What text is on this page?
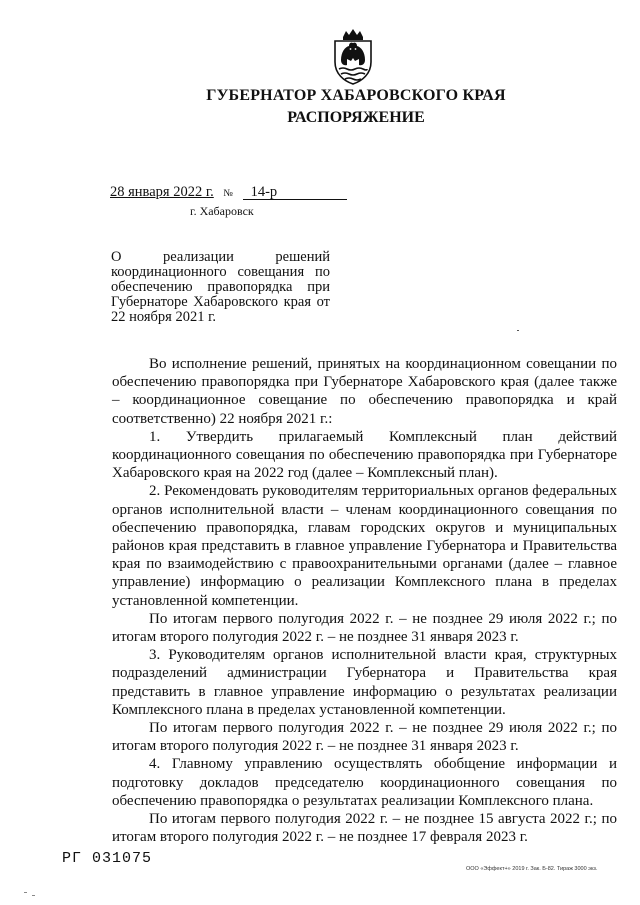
ГУБЕРНАТОР ХАБАРОВСКОГО КРАЯ
РАСПОРЯЖЕНИЕ
28 января 2022 г. № 14-р
г. Хабаровск
О реализации решений координационного совещания по обеспечению правопорядка при Губернаторе Хабаровского края от 22 ноября 2021 г.

Во исполнение решений, принятых на координационном совещании по обеспечению правопорядка при Губернаторе Хабаровского края (далее также – координационное совещание по обеспечению правопорядка и край соответственно) 22 ноября 2021 г.:

1. Утвердить прилагаемый Комплексный план действий координационного совещания по обеспечению правопорядка при Губернаторе Хабаровского края на 2022 год (далее – Комплексный план).

2. Рекомендовать руководителям территориальных органов федеральных органов исполнительной власти – членам координационного совещания по обеспечению правопорядка, главам городских округов и муниципальных районов края представить в главное управление Губернатора и Правительства края по взаимодействию с правоохранительными органами (далее – главное управление) информацию о реализации Комплексного плана в пределах установленной компетенции.

По итогам первого полугодия 2022 г. – не позднее 29 июля 2022 г.; по итогам второго полугодия 2022 г. – не позднее 31 января 2023 г.

3. Руководителям органов исполнительной власти края, структурных подразделений администрации Губернатора и Правительства края представить в главное управление информацию о результатах реализации Комплексного плана в пределах установленной компетенции.

По итогам первого полугодия 2022 г. – не позднее 29 июля 2022 г.; по итогам второго полугодия 2022 г. – не позднее 31 января 2023 г.

4. Главному управлению осуществлять обобщение информации и подготовку докладов председателю координационного совещания по обеспечению правопорядка о результатах реализации Комплексного плана.

По итогам первого полугодия 2022 г. – не позднее 15 августа 2022 г.; по итогам второго полугодия 2022 г. – не позднее 17 февраля 2023 г.

РГ 031075
ООО «Эффект+» 2019 г. Зак. Б-82. Тираж 3000 экз.
